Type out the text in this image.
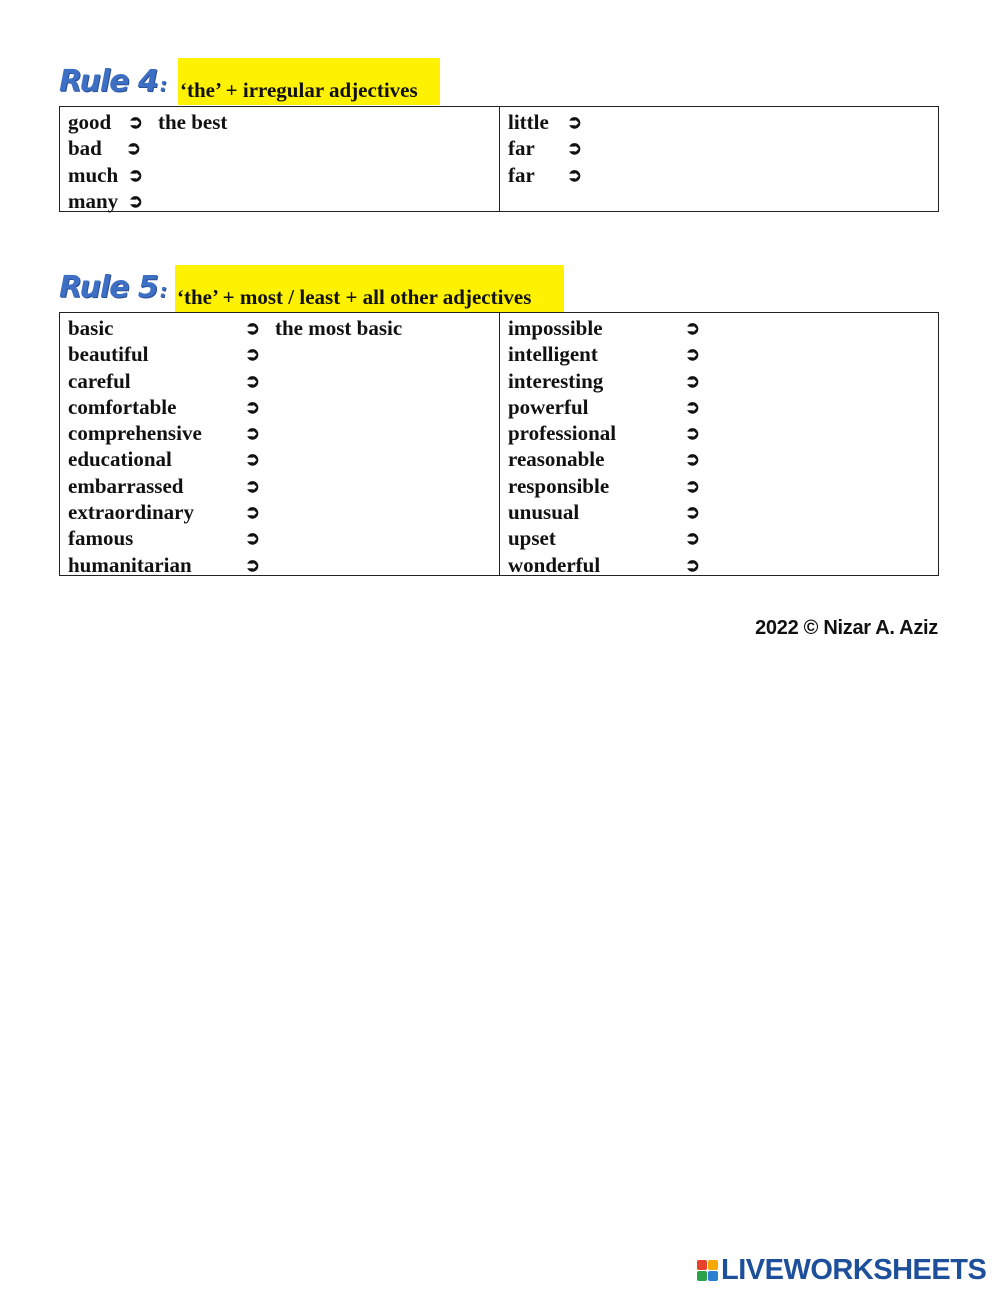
Rule 4 : ‘the’ + irregular adjectives
good ➲ the best
bad ➲
much ➲
many ➲
little ➲
far ➲
far ➲
Rule 5 : ‘the’ + most / least + all other adjectives
basic	➲ the most basic
beautiful	➲
careful	➲
comfortable	➲
comprehensive ➲
educational	➲
embarrassed	➲
extraordinary	➲
famous	➲
humanitarian	➲
impossible	➲
intelligent	➲
interesting	➲
powerful	➲
professional	➲
reasonable	➲
responsible	➲
unusual	➲
upset	➲
wonderful	➲
2022 © Nizar A. Aziz
LIVEWORKSHEETS
